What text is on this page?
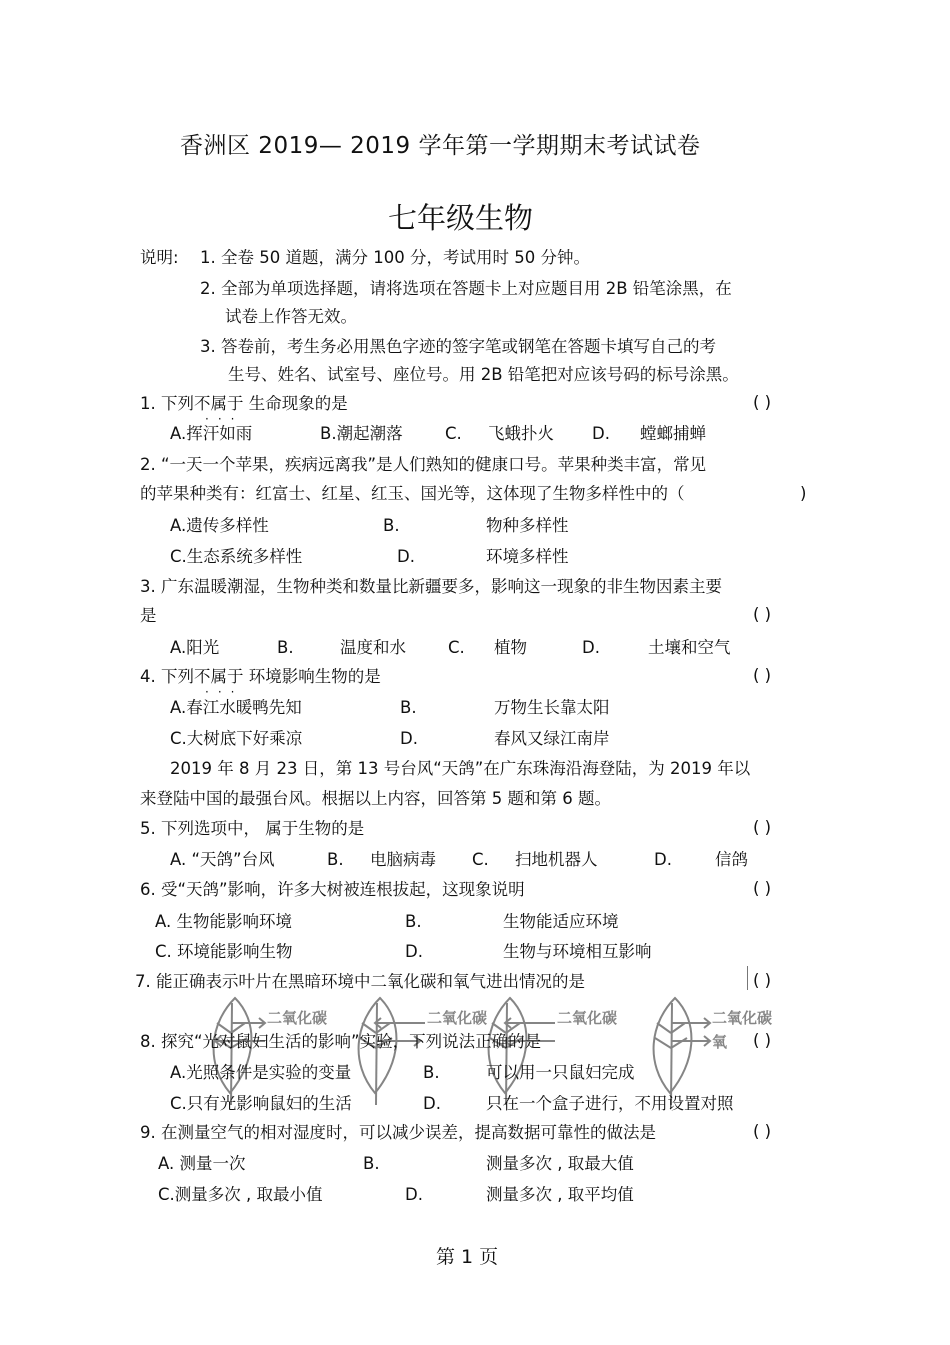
香洲区 2019— 2019 学年第一学期期末考试试卷
七年级生物
说明: 1. 全卷 50 道题，满分 100 分，考试用时 50 分钟。
2. 全部为单项选择题，请将选项在答题卡上对应题目用 2B 铅笔涂黑，在
试卷上作答无效。
3. 答卷前，考生务必用黑色字迹的签字笔或钢笔在答题卡填写自己的考
生号、姓名、试室号、座位号。用 2B 铅笔把对应该号码的标号涂黑。
1. 下列不属于 生命现象的是
···
( )
A.挥汗如雨	B.潮起潮落	C. 飞蛾扑火 D. 螳螂捕蝉
2. “一天一个苹果，疾病远离我”是人们熟知的健康口号。苹果种类丰富，常见
的苹果种类有：红富士、红星、红玉、国光等，这体现了生物多样性中的（	)
A.遗传多样性	B.	物种多样性
C.生态系统多样性	D.	环境多样性
3. 广东温暖潮湿，生物种类和数量比新疆要多，影响这一现象的非生物因素主要
是	( )
A.阳光	B.	温度和水	C. 植物	D.	土壤和空气
4. 下列不属于 环境影响生物的是
···
( )
A.春江水暖鸭先知	B.	万物生长靠太阳
C.大树底下好乘凉	D.	春风又绿江南岸
2019 年 8 月 23 日，第 13 号台风“天鸽”在广东珠海沿海登陆，为 2019 年以
来登陆中国的最强台风。根据以上内容，回答第 5 题和第 6 题。
5. 下列选项中， 属于生物的是	( )
A. “天鸽”台风	B. 电脑病毒 C. 扫地机器人	D.	信鸽
6. 受“天鸽”影响，许多大树被连根拔起，这现象说明	( )
A. 生物能影响环境	B.	生物能适应环境
C. 环境能影响生物	D.	生物与环境相互影响
7. 能正确表示叶片在黑暗环境中二氧化碳和氧气进出情况的是	( )
二氧化碳	二氧化碳	二氧化碳	二氧化碳
氧
8. 探究“光对鼠妇生活的影响”实验，下列说法正确的是	( )
A.光照条件是实验的变量	B.	可以用一只鼠妇完成
C.只有光影响鼠妇的生活	D.	只在一个盒子进行，不用设置对照
9. 在测量空气的相对湿度时，可以减少误差，提高数据可靠性的做法是	( )
A. 测量一次	B.	测量多次 , 取最大值
C.测量多次 , 取最小值	D.	测量多次 , 取平均值
第 1 页
